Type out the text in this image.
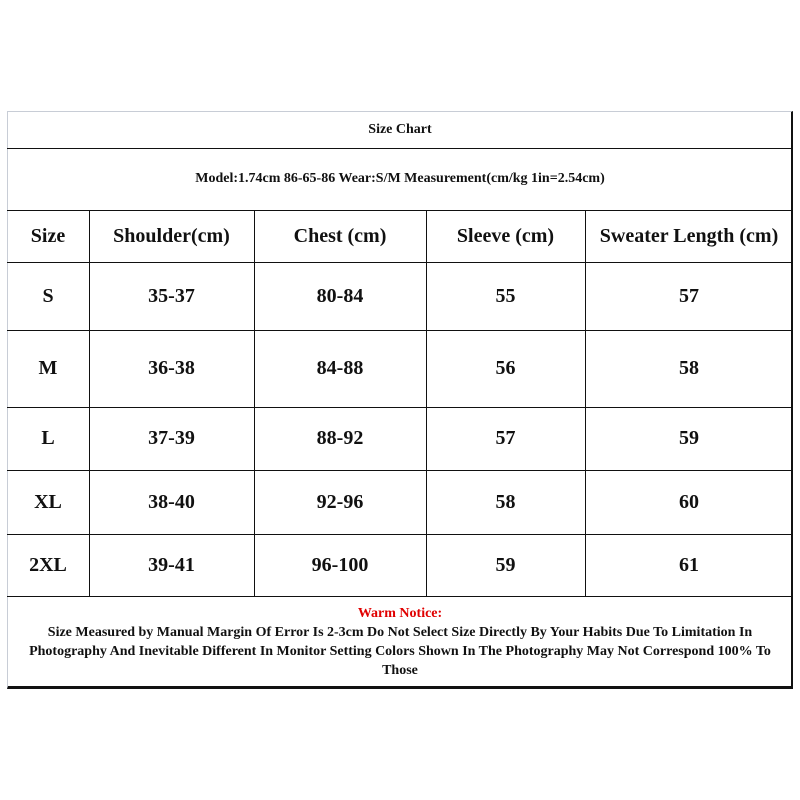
Size Chart
Model:1.74cm 86-65-86 Wear:S/M Measurement(cm/kg 1in=2.54cm)
Size	Shoulder(cm)	Chest (cm)	Sleeve (cm)	Sweater Length (cm)
S	35-37	80-84	55	57
M	36-38	84-88	56	58
L	37-39	88-92	57	59
XL	38-40	92-96	58	60
2XL	39-41	96-100	59	61
Warm Notice:
Size Measured by Manual Margin Of Error Is 2-3cm Do Not Select Size Directly By Your Habits Due To Limitation In Photography And Inevitable Different In Monitor Setting Colors Shown In The Photography May Not Correspond 100% To Those
